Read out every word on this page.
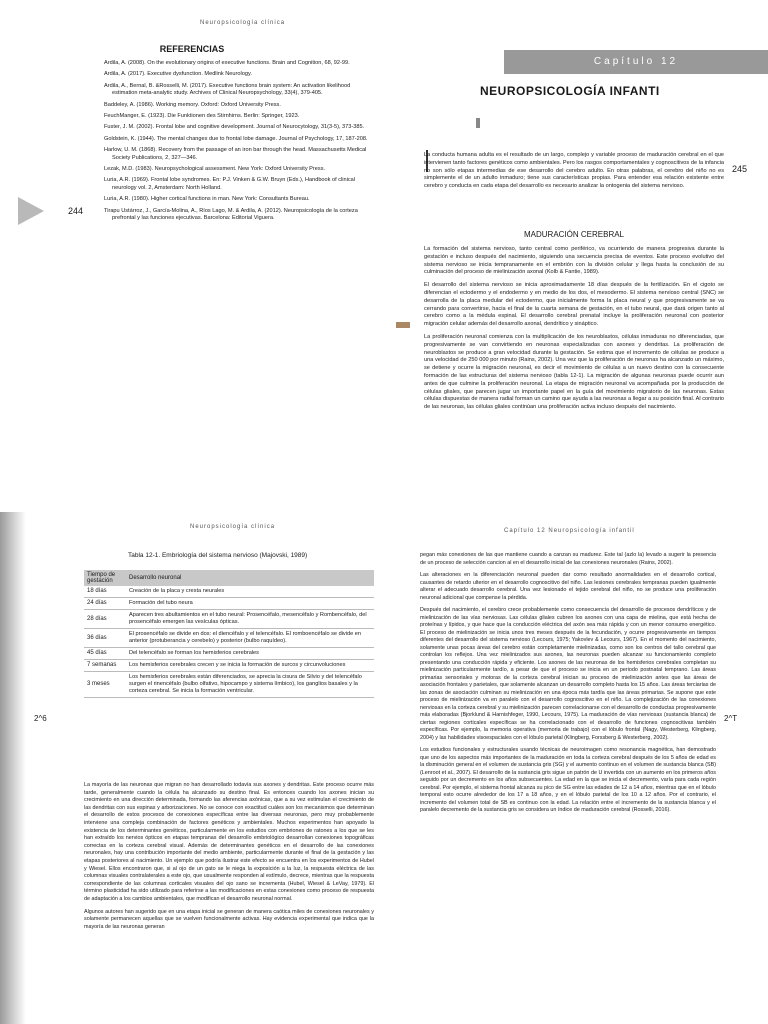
Neuropsicología clínica
REFERENCIAS
Ardila, A. (2008). On the evolutionary origins of executive functions. Brain and Cognition, 68, 92-99.
Ardila, A. (2017). Executive dysfunction. Medlink Neurology.
Ardila, A., Bernal, B. &Rosselli, M. (2017). Executive functions brain system: An activation likelihood estimation meta-analytic study. Archives of Clinical Neuropsychology, 33(4), 379-405.
Baddeley, A. (1986). Working memory. Oxford: Oxford University Press.
FeuchManger, E. (1923). Die Funktionen des Stirnhirns. Berlin: Springer, 1923.
Fuster, J. M. (2002). Frontal lobe and cognitive development. Journal of Neurocytology, 31(3-5), 373-385.
Goldstein, K. (1944). The mental changes due to frontal lobe damage. Journal of Psychology, 17, 187-208.
Harlow, U. M. (1868). Recovery from the passage of an iron bar through the head. Massachusetts Medical Society Publications, 2, 327—346.
Lezak, M.D. (1983). Neuropsychological assessment. New York: Oxford University Press.
Luria, A.R. (1969). Frontal lobe syndromes. En: P.J. Vinken & G.W. Bruyn (Eds.), Handbook of clinical neurology vol. 2, Amsterdam: North Holland.
Luria, A.R. (1980). Higher cortical functions in man. New York: Consultants Bureau.
Tirapu Ustárroz, J., García-Molina, A., Ríos Lago, M. & Ardila, A. (2012). Neuropsicología de la corteza prefrontal y las funciones ejecutivas. Barcelona: Editorial Viguera.
244
Capítulo 12
NEUROPSICOLOGÍA INFANTI

La conducta humana adulta es el resultado de un largo, complejo y variable proceso de maduración cerebral en el que intervienen tanto factores genéticos como ambientales. Pero los rasgos comportamentales y cognoscitivos de la infancia no son sólo etapas intermedias de ese desarrollo del cerebro adulto. En otras palabras, el cerebro del niño no es simplemente el de un adulto inmaduro; tiene sus características propias. Para entender esa relación existente entre cerebro y conducta en cada etapa del desarrollo es necesario analizar la ontogenia del sistema nervioso.

245
MADURACIÓN CEREBRAL

La formación del sistema nervioso, tanto central como periférico, va ocurriendo de manera progresiva durante la gestación e incluso después del nacimiento, siguiendo una secuencia precisa de eventos. Este proceso evolutivo del sistema nervioso se inicia tempranamente en el embrión con la división celular y llega hasta la conclusión de su culminación del proceso de mielinización axonal (Kolb & Fantie, 1989).

El desarrollo del sistema nervioso se inicia aproximadamente 18 días después de la fertilización. En el cigoto se diferencian el ectodermo y el endodermo y en medio de los dos, el mesodermo. El sistema nervioso central (SNC) se desarrolla de la placa medular del ectodermo, que inicialmente forma la placa neural y que progresivamente se va cerrando para convertirse, hacia el final de la cuarta semana de gestación, en el tubo neural, que dará origen tanto al cerebro como a la médula espinal. El desarrollo cerebral prenatal incluye la proliferación neuronal con posterior migración celular además del desarrollo axonal, dendrítico y sináptico.

La proliferación neuronal comienza con la multiplicación de los neuroblastos, células inmaduras no diferenciadas, que progresivamente se van convirtiendo en neuronas especializadas con axones y dendritas. La proliferación de neuroblastos se produce a gran velocidad durante la gestación. Se estima que el incremento de células se produce a una velocidad de 250 000 por minuto (Rains, 2002). Una vez que la proliferación de neuronas ha alcanzado un máximo, se detiene y ocurre la migración neuronal, es decir el movimiento de células a un nuevo destino con la consecuente formación de las estructuras del sistema nervioso (tabla 12-1). La migración de algunas neuronas puede ocurrir aun antes de que culmine la proliferación neuronal. La etapa de migración neuronal va acompañada por la producción de células gliales, que parecen jugar un importante papel en la guía del movimiento migratorio de las neuronas. Estas células dispuestas de manera radial forman un camino que ayuda a las neuronas a llegar a su posición final. Al contrario de las neuronas, las células gliales continúan una proliferación activa incluso después del nacimiento.

Neuropsicología clínica
Tabla 12-1. Embriología del sistema nervioso (Majovski, 1989)
Tiempo de gestación	Desarrollo neuronal
18 días	Creación de la placa y cresta neurales
24 días	Formación del tubo neura
28 días	Aparecen tres abultamientos en el tubo neural: Prosencéfalo, mesencéfalo y Rombencéfalo, del prosencéfalo emergen las vesículas ópticas.
36 días	El prosencéfalo se divide en dos: el diencéfalo y el telencéfalo. El romboencéfalo se divide en anterior (protuberancia y cerebelo) y posterior (bulbo raquídeo).
45 días	Del telencéfalo se forman los hemisferios cerebrales
7 semanas	Los hemisferios cerebrales crecen y se inicia la formación de surcos y circunvoluciones
3 meses	Los hemisferios cerebrales están diferenciados, se aprecia la cisura de Silvio y del telencéfalo surgen el rinencéfalo (bulbo olfativo, hipocampo y sistema límbico), los ganglios basales y la corteza cerebral. Se inicia la formación ventricular.
2^6

La mayoría de las neuronas que migran no han desarrollado todavía sus axones y dendritas. Este proceso ocurre más tarde, generalmente cuando la célula ha alcanzado su destino final. Es entonces cuando los axones inician su crecimiento en una dirección determinada, formando las aferencias axónicas, que a su vez estimulan el crecimiento de las dendritas con sus espinas y arborizaciones. No se conoce con exactitud cuáles son los mecanismos que determinan el desarrollo de estos procesos de conexiones específicas entre las diversas neuronas, pero muy probablemente interviene una compleja combinación de factores genéticos y ambientales. Muchos experimentos han apoyado la existencia de los determinantes genéticos, particularmente en los estudios con embriones de ratones a los que se les han extraído los nervios ópticos en etapas tempranas del desarrollo embriológico desarrollan conexiones topográficas correctas en la corteza cerebral visual. Además de determinantes genéticos en el desarrollo de las conexiones neuronales, hay una contribución importante del medio ambiente, particularmente durante el final de la gestación y las etapas posteriores al nacimiento. Un ejemplo que podría ilustrar este efecto se encuentra en los experimentos de Hubel y Wiesel. Ellos encontraron que, si al ojo de un gato se le niega la exposición a la luz, la respuesta eléctrica de las columnas visuales contralaterales a este ojo, que usualmente responden al estímulo, decrece, mientras que la respuesta correspondiente de las columnas corticales visuales del ojo sano se incrementa (Hubel, Wiesel & LeVay, 1979). El término plasticidad ha sido utilizado para referirse a las modificaciones en estas conexiones como proceso de respuesta de adaptación a los cambios ambientales, que modifican el desarrollo neuronal normal.

Algunos autores han sugerido que en una etapa inicial se generan de manera caótica miles de conexiones neuronales y solamente permanecen aquellas que se vuelven funcionalmente activas. Hay evidencia experimental que indica que la mayoría de las neuronas generan

Capítulo 12 Neuropsicología infantil
2^T

pegan más conexiones de las que mantiene cuando a canzan su madurez. Este tal (azlo la) levado a sugerir la presencia de un proceso de selección cancion al en el desarrollo inicial de las conexiones neuronales (Rains, 2002).

Las alteraciones en la diferenciación neuronal pueden dar como resultado anormalidades en el desarrollo cortical, causantes de retardo ulterior en el desarrollo cognoscitivo del niño. Las lesiones cerebrales tempranas pueden igualmente alterar el adecuado desarrollo cerebral. Una vez lesionado el tejido cerebral del niño, no se produce una proliferación neuronal adicional que compense la pérdida.

Después del nacimiento, el cerebro crece probablemente como consecuencia del desarrollo de procesos dendríticos y de mielinización de las vías nerviosas. Las células gliales cubren los axones con una capa de mielina, que está hecha de proteínas y lípidos, y que hace que la conducción eléctrica del axón sea más rápida y con un menor consumo energético. El proceso de mielinización se inicia unos tres meses después de la fecundación, y ocurre progresivamente en tiempos diferentes del desarrollo del sistema nervioso (Lecours, 1975; Yakovlev & Lecours, 1967). En el momento del nacimiento, solamente unas pocas áreas del cerebro están completamente mielinizadas, como son los centros del tallo cerebral que controlan los reflejos. Una vez mielinizados sus axones, las neuronas pueden alcanzar su funcionamiento completo presentando una conducción rápida y eficiente. Los axones de las neuronas de los hemisferios cerebrales completan su mielinización particularmente tardío, a pesar de que el proceso se inicia en un periodo postnatal temprano. Las áreas primarias sensoriales y motoras de la corteza cerebral inician su proceso de mielinización antes que las áreas de asociación frontales y parietales, que solamente alcanzan un desarrollo completo hasta los 15 años. Las áreas terciarias de las zonas de asociación culminan su mielinización en una época más tardía que las áreas primarias. Se supone que este proceso de mielinización va en paralelo con el desarrollo cognoscitivo en el niño. La complejización de las conexiones nerviosas en la corteza cerebral y su mielinización parecen correlacionarse con el desarrollo de conductas progresivamente más elaboradas (Bjorklund & Harnishfeger, 1990, Lecours, 1975). La maduración de vías nerviosas (sustancia blanca) de ciertas regiones corticales específicas se ha correlacionado con el desarrollo de funciones cognoscitivas también específicas. Por ejemplo, la memoria operativa (memoria de trabajo) con el lóbulo frontal (Nagy, Westerberg, Klingberg, 2004) y las habilidades visoespaciales con el lóbulo parietal (Klingberg, Forssberg & Westerberg, 2002).

Los estudios funcionales y estructurales usando técnicas de neuroimagen como resonancia magnética, han demostrado que uno de los aspectos más importantes de la maduración en toda la corteza cerebral después de los 5 años de edad es la disminución general en el volumen de sustancia gris (SG) y el aumento continuo en el volumen de sustancia blanca (SB) (Lenroot et al., 2007). El desarrollo de la sustancia gris sigue un patrón de U invertida con un aumento en los primeros años seguido por un decremento en los años subsecuentes. La edad en la que se inicia el decremento, varía para cada región cerebral. Por ejemplo, el sistema frontal alcanza su pico de SG entre las edades de 12 a 14 años, mientras que en el lóbulo temporal esto ocurre alrededor de los 17 a 18 años, y en el lóbulo parietal de los 10 a 12 años. Por el contrario, el incremento del volumen total de SB es continuo con la edad. La relación entre el incremento de la sustancia blanca y el paralelo decremento de la sustancia gris se considera un índice de maduración cerebral (Rosselli, 2016).
